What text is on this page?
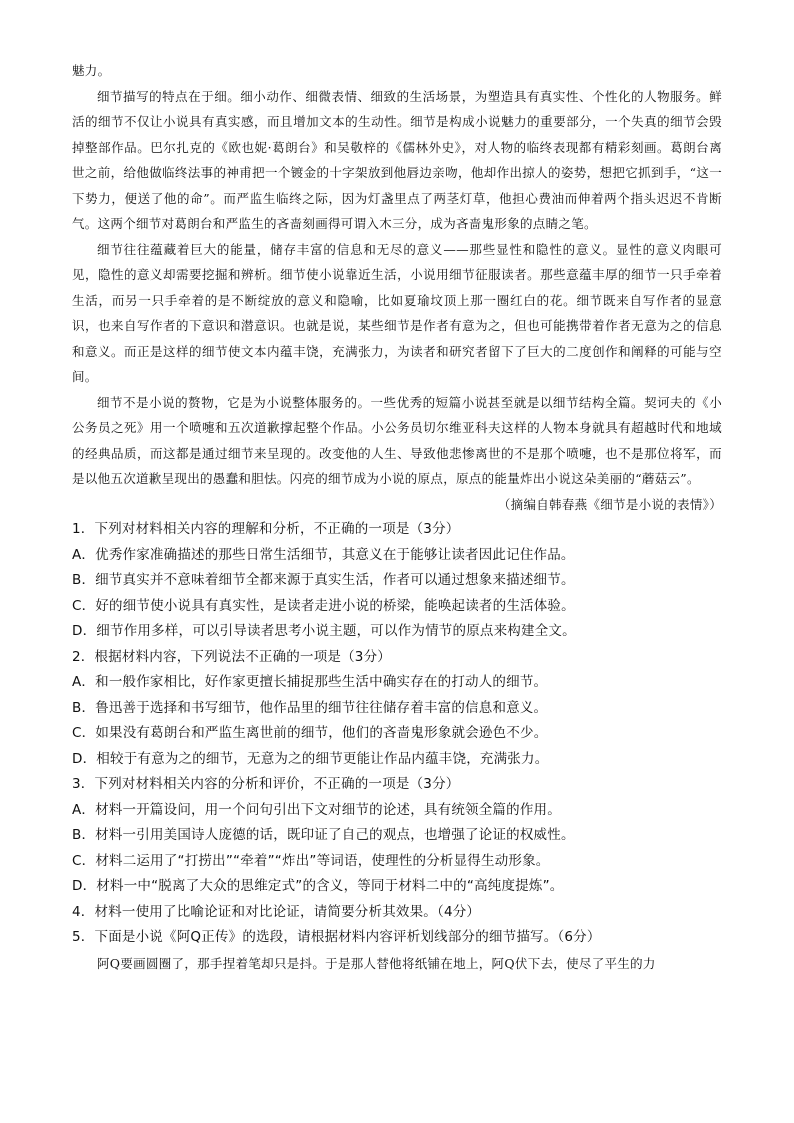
魅力。

细节描写的特点在于细。细小动作、细微表情、细致的生活场景，为塑造具有真实性、个性化的人物服务。鲜活的细节不仅让小说具有真实感，而且增加文本的生动性。细节是构成小说魅力的重要部分，一个失真的细节会毁掉整部作品。巴尔扎克的《欧也妮·葛朗台》和吴敬梓的《儒林外史》，对人物的临终表现都有精彩刻画。葛朗台离世之前，给他做临终法事的神甫把一个镀金的十字架放到他唇边亲吻，他却作出掠人的姿势，想把它抓到手，“这一下势力，便送了他的命”。而严监生临终之际，因为灯盏里点了两茎灯草，他担心费油而伸着两个指头迟迟不肯断气。这两个细节对葛朗台和严监生的吝啬刻画得可谓入木三分，成为吝啬鬼形象的点睛之笔。

细节往往蕴藏着巨大的能量，储存丰富的信息和无尽的意义——那些显性和隐性的意义。显性的意义肉眼可见，隐性的意义却需要挖掘和辨析。细节使小说靠近生活，小说用细节征服读者。那些意蕴丰厚的细节一只手牵着生活，而另一只手牵着的是不断绽放的意义和隐喻，比如夏瑜坟顶上那一圈红白的花。细节既来自写作者的显意识，也来自写作者的下意识和潜意识。也就是说，某些细节是作者有意为之，但也可能携带着作者无意为之的信息和意义。而正是这样的细节使文本内蕴丰饶，充满张力，为读者和研究者留下了巨大的二度创作和阐释的可能与空间。

细节不是小说的赘物，它是为小说整体服务的。一些优秀的短篇小说甚至就是以细节结构全篇。契诃夫的《小公务员之死》用一个喷嚏和五次道歉撑起整个作品。小公务员切尔维亚科夫这样的人物本身就具有超越时代和地域的经典品质，而这都是通过细节来呈现的。改变他的人生、导致他悲惨离世的不是那个喷嚏，也不是那位将军，而是以他五次道歉呈现出的愚蠢和胆怯。闪亮的细节成为小说的原点，原点的能量炸出小说这朵美丽的“蘑菇云”。

（摘编自韩春燕《细节是小说的表情》）

1．下列对材料相关内容的理解和分析，不正确的一项是（3分）

A．优秀作家准确描述的那些日常生活细节，其意义在于能够让读者因此记住作品。

B．细节真实并不意味着细节全都来源于真实生活，作者可以通过想象来描述细节。

C．好的细节使小说具有真实性，是读者走进小说的桥梁，能唤起读者的生活体验。

D．细节作用多样，可以引导读者思考小说主题，可以作为情节的原点来构建全文。

2．根据材料内容，下列说法不正确的一项是（3分）

A．和一般作家相比，好作家更擅长捕捉那些生活中确实存在的打动人的细节。

B．鲁迅善于选择和书写细节，他作品里的细节往往储存着丰富的信息和意义。

C．如果没有葛朗台和严监生离世前的细节，他们的吝啬鬼形象就会逊色不少。

D．相较于有意为之的细节，无意为之的细节更能让作品内蕴丰饶，充满张力。

3．下列对材料相关内容的分析和评价，不正确的一项是（3分）

A．材料一开篇设问，用一个问句引出下文对细节的论述，具有统领全篇的作用。

B．材料一引用美国诗人庞德的话，既印证了自己的观点，也增强了论证的权威性。

C．材料二运用了“打捞出”“牵着”“炸出”等词语，使理性的分析显得生动形象。

D．材料一中“脱离了大众的思维定式”的含义，等同于材料二中的“高纯度提炼”。

4．材料一使用了比喻论证和对比论证，请简要分析其效果。（4分）

5．下面是小说《阿Q正传》的选段，请根据材料内容评析划线部分的细节描写。（6分）

阿Q要画圆圈了，那手捏着笔却只是抖。于是那人替他将纸铺在地上，阿Q伏下去，使尽了平生的力
